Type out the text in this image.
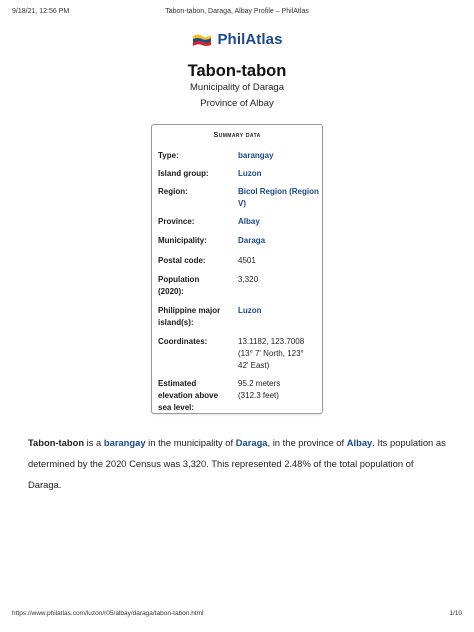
9/18/21, 12:56 PM	Tabon-tabon, Daraga, Albay Profile – PhilAtlas
PhilAtlas
Tabon-tabon
Municipality of Daraga
Province of Albay
Summary data
Type:	barangay
Island group:	Luzon
Region:	Bicol Region (Region V)
Province:	Albay
Municipality:	Daraga
Postal code:	4501
Population (2020):
3,320
Philippine major island(s):
Luzon
Coordinates:	13.1182, 123.7008 (13° 7' North, 123° 42' East)
Estimated elevation above sea level:
95.2 meters (312.3 feet)
Tabon-tabon is a barangay in the municipality of Daraga, in the province of Albay. Its population as determined by the 2020 Census was 3,320. This represented 2.48% of the total population of Daraga.
https://www.philatlas.com/luzon/r05/albay/daraga/tabon-tabon.html	1/10
